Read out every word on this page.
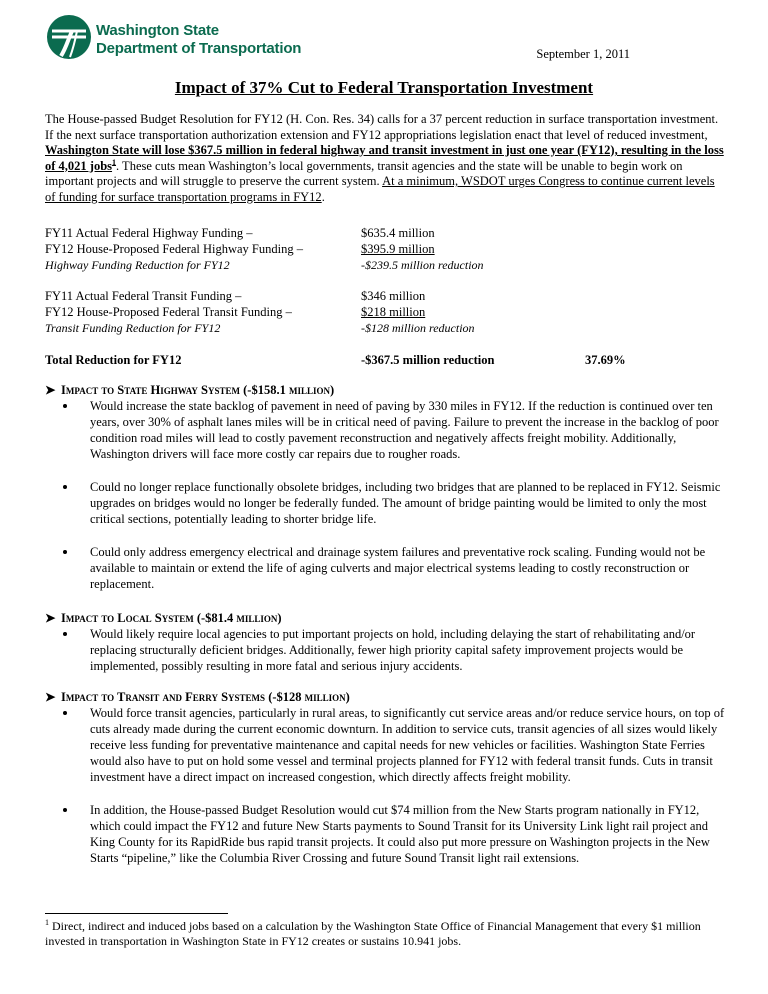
Washington State
Department of Transportation	September 1, 2011
Impact of 37% Cut to Federal Transportation Investment
The House-passed Budget Resolution for FY12 (H. Con. Res. 34) calls for a 37 percent reduction in surface transportation investment. If the next surface transportation authorization extension and FY12 appropriations legislation enact that level of reduced investment, Washington State will lose $367.5 million in federal highway and transit investment in just one year (FY12), resulting in the loss of 4,021 jobs$^1$. These cuts mean Washington’s local governments, transit agencies and the state will be unable to begin work on important projects and will struggle to preserve the current system. At a minimum, WSDOT urges Congress to continue current levels of funding for surface transportation programs in FY12.
FY11 Actual Federal Highway Funding –	$635.4 million
FY12 House-Proposed Federal Highway Funding –	$395.9 million
Highway Funding Reduction for FY12	-$239.5 million reduction
FY11 Actual Federal Transit Funding –	$346 million
FY12 House-Proposed Federal Transit Funding –	$218 million
Transit Funding Reduction for FY12	-$128 million reduction
Total Reduction for FY12	-$367.5 million reduction	37.69%
➤ Impact to State Highway System (-$158.1 million)
Would increase the state backlog of pavement in need of paving by 330 miles in FY12. If the reduction is continued over ten years, over 30% of asphalt lanes miles will be in critical need of paving. Failure to prevent the increase in the backlog of poor condition road miles will lead to costly pavement reconstruction and negatively affects freight mobility. Additionally, Washington drivers will face more costly car repairs due to rougher roads.
Could no longer replace functionally obsolete bridges, including two bridges that are planned to be replaced in FY12. Seismic upgrades on bridges would no longer be federally funded. The amount of bridge painting would be limited to only the most critical sections, potentially leading to shorter bridge life.
Could only address emergency electrical and drainage system failures and preventative rock scaling. Funding would not be available to maintain or extend the life of aging culverts and major electrical systems leading to costly reconstruction or replacement.
➤ Impact to Local System (-$81.4 million)
Would likely require local agencies to put important projects on hold, including delaying the start of rehabilitating and/or replacing structurally deficient bridges. Additionally, fewer high priority capital safety improvement projects would be implemented, possibly resulting in more fatal and serious injury accidents.
➤ Impact to Transit and Ferry Systems (-$128 million)
Would force transit agencies, particularly in rural areas, to significantly cut service areas and/or reduce service hours, on top of cuts already made during the current economic downturn. In addition to service cuts, transit agencies of all sizes would likely receive less funding for preventative maintenance and capital needs for new vehicles or facilities. Washington State Ferries would also have to put on hold some vessel and terminal projects planned for FY12 with federal transit funds. Cuts in transit investment have a direct impact on increased congestion, which directly affects freight mobility.
In addition, the House-passed Budget Resolution would cut $74 million from the New Starts program nationally in FY12, which could impact the FY12 and future New Starts payments to Sound Transit for its University Link light rail project and King County for its RapidRide bus rapid transit projects. It could also put more pressure on Washington projects in the New Starts “pipeline,” like the Columbia River Crossing and future Sound Transit light rail extensions.
$^1$ Direct, indirect and induced jobs based on a calculation by the Washington State Office of Financial Management that every $1 million invested in transportation in Washington State in FY12 creates or sustains 10.941 jobs.
